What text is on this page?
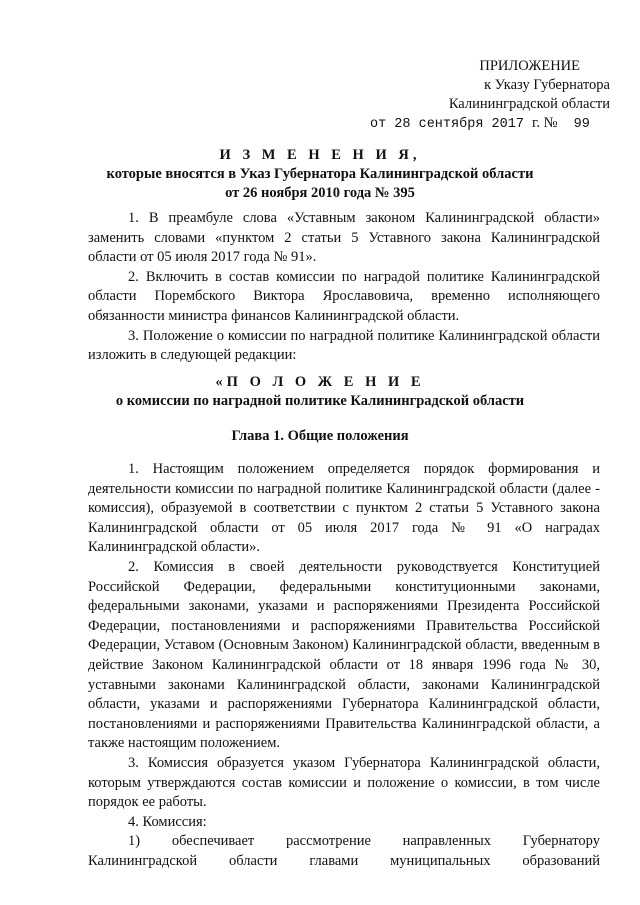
ПРИЛОЖЕНИЕ
к Указу Губернатора
Калининградской области
от 28 сентября 2017 г. № 99
И З М Е Н Е Н И Я,
которые вносятся в Указ Губернатора Калининградской области
от 26 ноября 2010 года № 395

1. В преамбуле слова «Уставным законом Калининградской области» заменить словами «пунктом 2 статьи 5 Уставного закона Калининградской области от 05 июля 2017 года № 91».

2. Включить в состав комиссии по наградой политике Калининградской области Порембского Виктора Ярославовича, временно исполняющего обязанности министра финансов Калининградской области.

3. Положение о комиссии по наградной политике Калининградской области изложить в следующей редакции:

«П О Л О Ж Е Н И Е
о комиссии по наградной политике Калининградской области
Глава 1. Общие положения

1. Настоящим положением определяется порядок формирования и деятельности комиссии по наградной политике Калининградской области (далее - комиссия), образуемой в соответствии с пунктом 2 статьи 5 Уставного закона Калининградской области от 05 июля 2017 года № 91 «О наградах Калининградской области».

2. Комиссия в своей деятельности руководствуется Конституцией Российской Федерации, федеральными конституционными законами, федеральными законами, указами и распоряжениями Президента Российской Федерации, постановлениями и распоряжениями Правительства Российской Федерации, Уставом (Основным Законом) Калининградской области, введенным в действие Законом Калининградской области от 18 января 1996 года № 30, уставными законами Калининградской области, законами Калининградской области, указами и распоряжениями Губернатора Калининградской области, постановлениями и распоряжениями Правительства Калининградской области, а также настоящим положением.

3. Комиссия образуется указом Губернатора Калининградской области, которым утверждаются состав комиссии и положение о комиссии, в том числе порядок ее работы.

4. Комиссия:

1) обеспечивает рассмотрение направленных Губернатору Калининградской области главами муниципальных образований
